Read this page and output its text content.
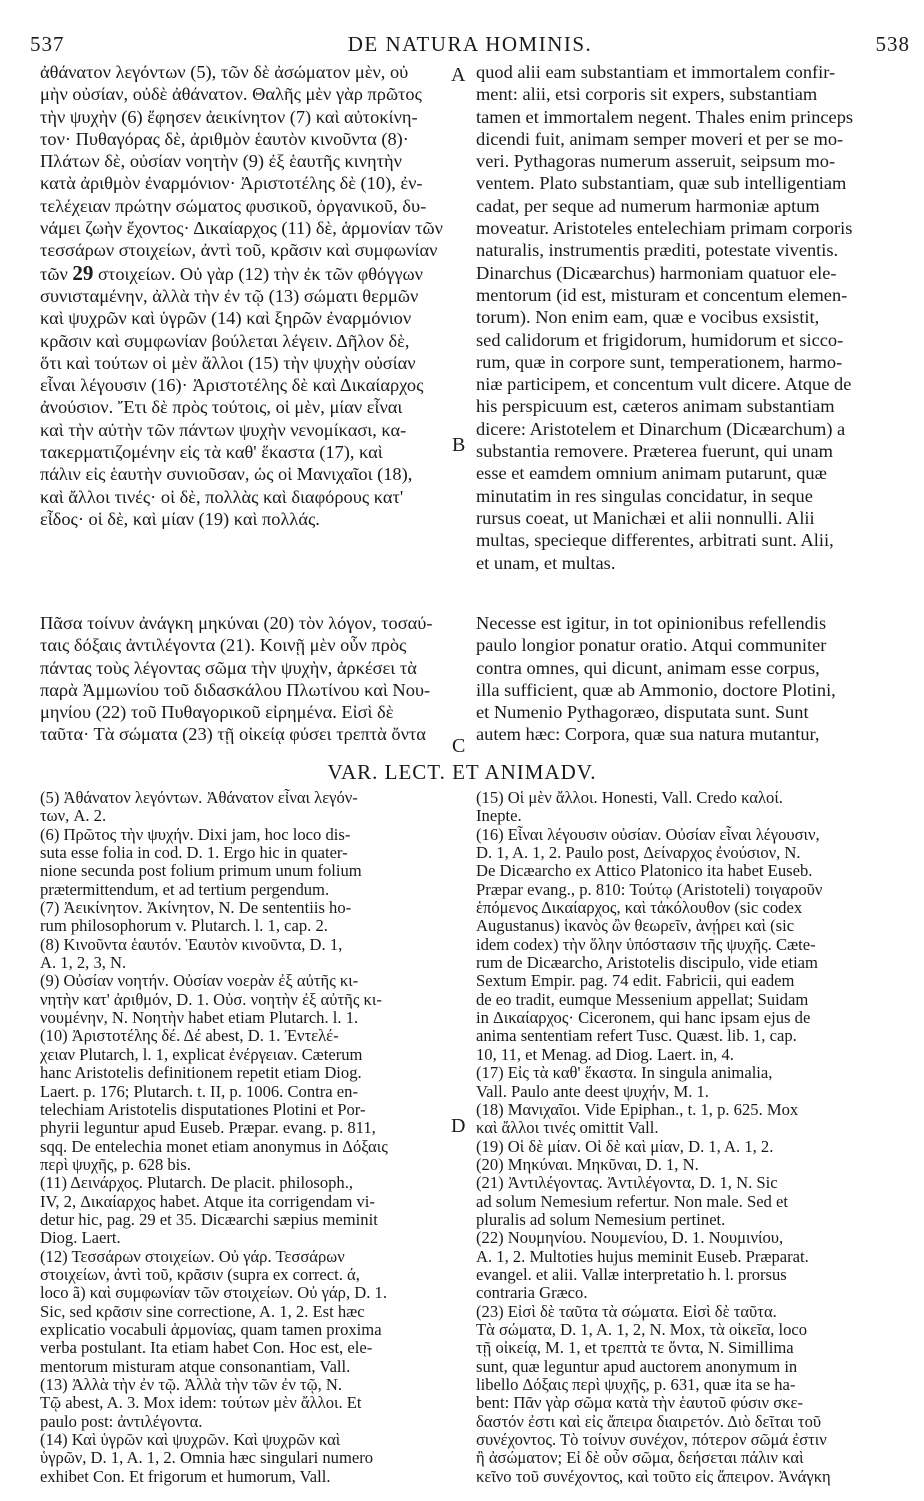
537	DE NATURA HOMINIS.	538
A
B
C
D
ἀθάνατον λεγόντων (5), τῶν δὲ ἀσώματον μὲν, οὐ
μὴν οὐσίαν, οὐδὲ ἀθάνατον. Θαλῆς μὲν γὰρ πρῶτος
τὴν ψυχὴν (6) ἔφησεν ἀεικίνητον (7) καὶ αὐτοκίνη-
τον· Πυθαγόρας δὲ, ἀριθμὸν ἑαυτὸν κινοῦντα (8)·
Πλάτων δὲ, οὐσίαν νοητὴν (9) ἐξ ἑαυτῆς κινητὴν
κατὰ ἀριθμὸν ἐναρμόνιον· Ἀριστοτέλης δὲ (10), ἐν-
τελέχειαν πρώτην σώματος φυσικοῦ, ὀργανικοῦ, δυ-
νάμει ζωὴν ἔχοντος· Δικαίαρχος (11) δὲ, ἁρμονίαν τῶν
τεσσάρων στοιχείων, ἀντὶ τοῦ, κρᾶσιν καὶ συμφωνίαν
τῶν 29 στοιχείων. Οὐ γὰρ (12) τὴν ἐκ τῶν φθόγγων
συνισταμένην, ἀλλὰ τὴν ἐν τῷ (13) σώματι θερμῶν
καὶ ψυχρῶν καὶ ὑγρῶν (14) καὶ ξηρῶν ἐναρμόνιον
κρᾶσιν καὶ συμφωνίαν βούλεται λέγειν. Δῆλον δὲ,
ὅτι καὶ τούτων οἱ μὲν ἄλλοι (15) τὴν ψυχὴν οὐσίαν
εἶναι λέγουσιν (16)· Ἀριστοτέλης δὲ καὶ Δικαίαρχος
ἀνούσιον. Ἔτι δὲ πρὸς τούτοις, οἱ μὲν, μίαν εἶναι
καὶ τὴν αὐτὴν τῶν πάντων ψυχὴν νενομίκασι, κα-
τακερματιζομένην εἰς τὰ καθ' ἕκαστα (17), καὶ
πάλιν εἰς ἑαυτὴν συνιοῦσαν, ὡς οἱ Μανιχαῖοι (18),
καὶ ἄλλοι τινές· οἱ δὲ, πολλὰς καὶ διαφόρους κατ'
εἶδος· οἱ δὲ, καὶ μίαν (19) καὶ πολλάς.
quod alii eam substantiam et immortalem confir-
ment: alii, etsi corporis sit expers, substantiam
tamen et immortalem negent. Thales enim princeps
dicendi fuit, animam semper moveri et per se mo-
veri. Pythagoras numerum asseruit, seipsum mo-
ventem. Plato substantiam, quæ sub intelligentiam
cadat, per seque ad numerum harmoniæ aptum
moveatur. Aristoteles entelechiam primam corporis
naturalis, instrumentis præditi, potestate viventis.
Dinarchus (Dicæarchus) harmoniam quatuor ele-
mentorum (id est, misturam et concentum elemen-
torum). Non enim eam, quæ e vocibus exsistit,
sed calidorum et frigidorum, humidorum et sicco-
rum, quæ in corpore sunt, temperationem, harmo-
niæ participem, et concentum vult dicere. Atque de
his perspicuum est, cæteros animam substantiam
dicere: Aristotelem et Dinarchum (Dicæarchum) a
substantia removere. Præterea fuerunt, qui unam
esse et eamdem omnium animam putarunt, quæ
minutatim in res singulas concidatur, in seque
rursus coeat, ut Manichæi et alii nonnulli. Alii
multas, specieque differentes, arbitrati sunt. Alii,
et unam, et multas.
Πᾶσα τοίνυν ἀνάγκη μηκύναι (20) τὸν λόγον, τοσαύ-
ταις δόξαις ἀντιλέγοντα (21). Κοινῇ μὲν οὖν πρὸς
πάντας τοὺς λέγοντας σῶμα τὴν ψυχὴν, ἀρκέσει τὰ
παρὰ Ἀμμωνίου τοῦ διδασκάλου Πλωτίνου καὶ Νου-
μηνίου (22) τοῦ Πυθαγορικοῦ εἰρημένα. Εἰσὶ δὲ
ταῦτα· Τὰ σώματα (23) τῇ οἰκείᾳ φύσει τρεπτὰ ὄντα
Necesse est igitur, in tot opinionibus refellendis
paulo longior ponatur oratio. Atqui communiter
contra omnes, qui dicunt, animam esse corpus,
illa sufficient, quæ ab Ammonio, doctore Plotini,
et Numenio Pythagoræo, disputata sunt. Sunt
autem hæc: Corpora, quæ sua natura mutantur,
VAR. LECT. ET ANIMADV.
(5) Ἀθάνατον λεγόντων. Ἀθάνατον εἶναι λεγόν-
των, A. 2.
(6) Πρῶτος τὴν ψυχήν. Dixi jam, hoc loco dis-
suta esse folia in cod. D. 1. Ergo hic in quater-
nione secunda post folium primum unum folium
prætermittendum, et ad tertium pergendum.
(7) Ἀεικίνητον. Ἀκίνητον, N. De sententiis ho-
rum philosophorum v. Plutarch. l. 1, cap. 2.
(8) Κινοῦντα ἑαυτόν. Ἑαυτὸν κινοῦντα, D. 1,
A. 1, 2, 3, N.
(9) Οὐσίαν νοητήν. Οὐσίαν νοερὰν ἐξ αὐτῆς κι-
νητὴν κατ' ἀριθμόν, D. 1. Οὐσ. νοητὴν ἐξ αὐτῆς κι-
νουμένην, N. Νοητὴν habet etiam Plutarch. l. 1.
(10) Ἀριστοτέλης δέ. Δέ abest, D. 1. Ἐντελέ-
χειαν Plutarch, l. 1, explicat ἐνέργειαν. Cæterum
hanc Aristotelis definitionem repetit etiam Diog.
Laert. p. 176; Plutarch. t. II, p. 1006. Contra en-
telechiam Aristotelis disputationes Plotini et Por-
phyrii leguntur apud Euseb. Præpar. evang. p. 811,
sqq. De entelechia monet etiam anonymus in Δόξαις
περὶ ψυχῆς, p. 628 bis.
(11) Δεινάρχος. Plutarch. De placit. philosoph.,
IV, 2, Δικαίαρχος habet. Atque ita corrigendam vi-
detur hic, pag. 29 et 35. Dicæarchi sæpius meminit
Diog. Laert.
(12) Τεσσάρων στοιχείων. Οὐ γάρ. Τεσσάρων
στοιχείων, ἀντὶ τοῦ, κρᾶσιν (supra ex correct. ά,
loco ã) καὶ συμφωνίαν τῶν στοιχείων. Οὐ γάρ, D. 1.
Sic, sed κρᾶσιν sine correctione, A. 1, 2. Est hæc
explicatio vocabuli ἁρμονίας, quam tamen proxima
verba postulant. Ita etiam habet Con. Hoc est, ele-
mentorum misturam atque consonantiam, Vall.
(13) Ἀλλὰ τὴν ἐν τῷ. Ἀλλὰ τὴν τῶν ἐν τῷ, N.
Τῷ abest, A. 3. Mox idem: τούτων μὲν ἄλλοι. Et
paulo post: ἀντιλέγοντα.
(14) Καὶ ὑγρῶν καὶ ψυχρῶν. Καὶ ψυχρῶν καὶ
ὑγρῶν, D. 1, A. 1, 2. Omnia hæc singulari numero
exhibet Con. Et frigorum et humorum, Vall.
(15) Οἱ μὲν ἄλλοι. Honesti, Vall. Credo καλοί.
Inepte.
(16) Εἶναι λέγουσιν οὐσίαν. Οὐσίαν εἶναι λέγουσιν,
D. 1, A. 1, 2. Paulo post, Δείναρχος ἐνούσιον, N.
De Dicæarcho ex Attico Platonico ita habet Euseb.
Præpar evang., p. 810: Τούτῳ (Aristoteli) τοιγαροῦν
ἑπόμενος Δικαίαρχος, καὶ τἀκόλουθον (sic codex
Augustanus) ἱκανὸς ὢν θεωρεῖν, ἀνῄρει καὶ (sic
idem codex) τὴν ὅλην ὑπόστασιν τῆς ψυχῆς. Cæte-
rum de Dicæarcho, Aristotelis discipulo, vide etiam
Sextum Empir. pag. 74 edit. Fabricii, qui eadem
de eo tradit, eumque Messenium appellat; Suidam
in Δικαίαρχος· Ciceronem, qui hanc ipsam ejus de
anima sententiam refert Tusc. Quæst. lib. 1, cap.
10, 11, et Menag. ad Diog. Laert. in, 4.
(17) Εἰς τὰ καθ' ἕκαστα. In singula animalia,
Vall. Paulo ante deest ψυχήν, M. 1.
(18) Μανιχαῖοι. Vide Epiphan., t. 1, p. 625. Mox
καὶ ἄλλοι τινές omittit Vall.
(19) Οἱ δὲ μίαν. Οἱ δὲ καὶ μίαν, D. 1, A. 1, 2.
(20) Μηκύναι. Μηκῦναι, D. 1, N.
(21) Ἀντιλέγοντας. Ἀντιλέγοντα, D. 1, N. Sic
ad solum Nemesium refertur. Non male. Sed et
pluralis ad solum Nemesium pertinet.
(22) Νουμηνίου. Νουμενίου, D. 1. Νουμινίου,
A. 1, 2. Multoties hujus meminit Euseb. Præparat.
evangel. et alii. Vallæ interpretatio h. l. prorsus
contraria Græco.
(23) Εἰσὶ δὲ ταῦτα τὰ σώματα. Εἰσὶ δὲ ταῦτα.
Τὰ σώματα, D. 1, A. 1, 2, N. Mox, τὰ οἰκεῖα, loco
τῇ οἰκείᾳ, M. 1, et τρεπτὰ τε ὄντα, N. Simillima
sunt, quæ leguntur apud auctorem anonymum in
libello Δόξαις περὶ ψυχῆς, p. 631, quæ ita se ha-
bent: Πᾶν γὰρ σῶμα κατὰ τὴν ἑαυτοῦ φύσιν σκε-
δαστόν ἐστι καὶ εἰς ἄπειρα διαιρετόν. Διὸ δεῖται τοῦ
συνέχοντος. Τὸ τοίνυν συνέχον, πότερον σῶμά ἐστιν
ἢ ἀσώματον; Εἰ δὲ οὖν σῶμα, δεήσεται πάλιν καὶ
κεῖνο τοῦ συνέχοντος, καὶ τοῦτο εἰς ἄπειρον. Ἀνάγκη
